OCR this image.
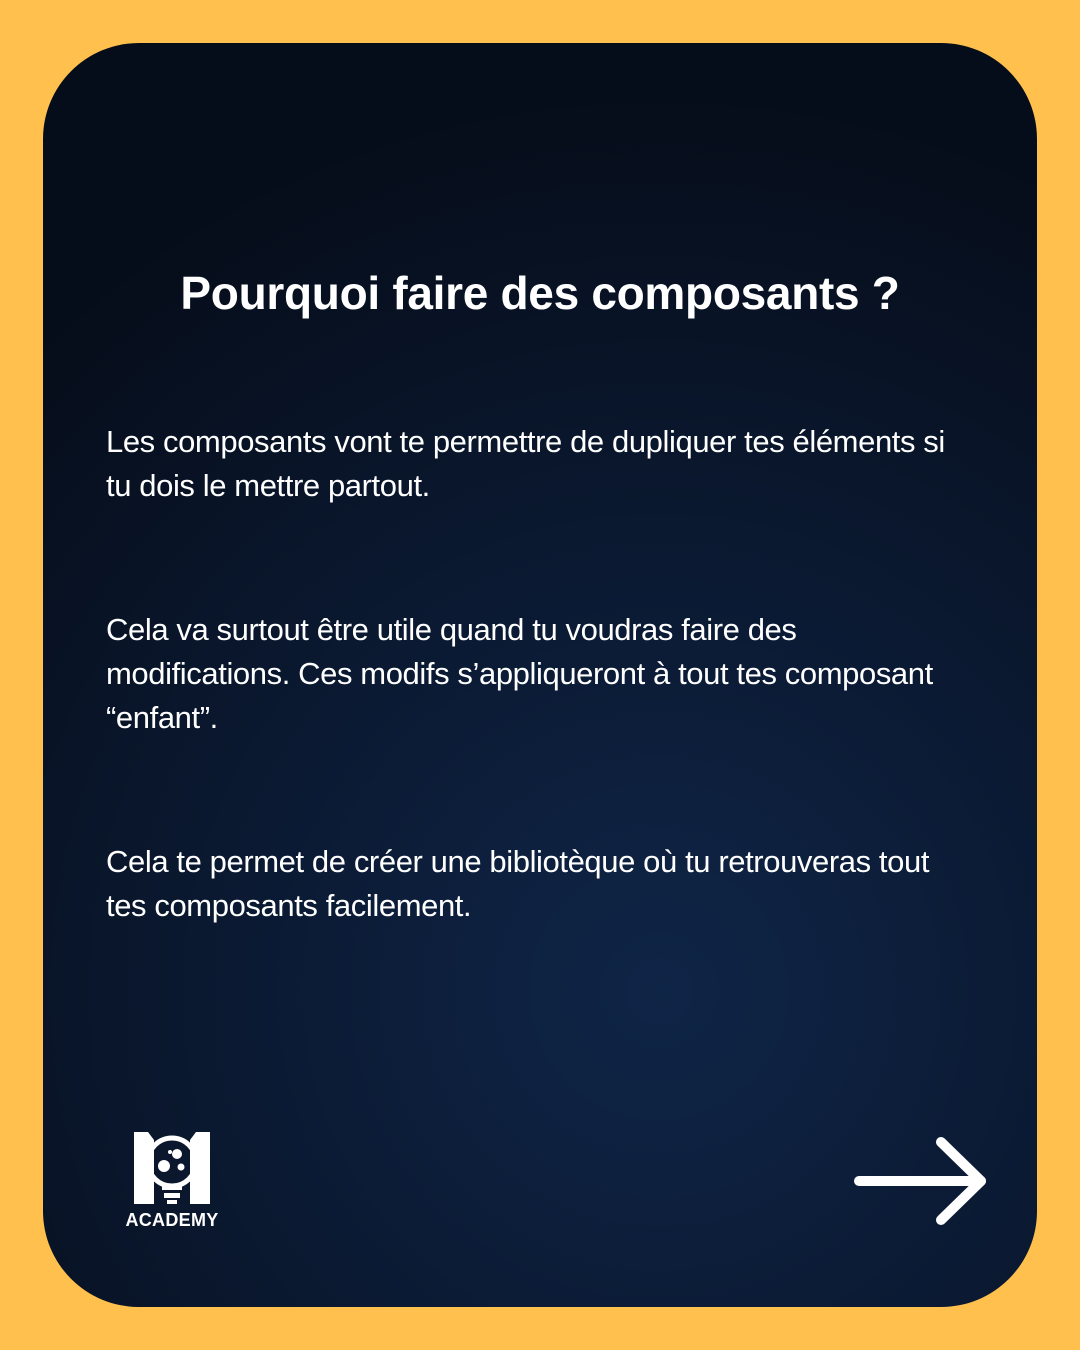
Pourquoi faire des composants ?

Les composants vont te permettre de dupliquer tes éléments si tu dois le mettre partout.

Cela va surtout être utile quand tu voudras faire des modifications. Ces modifs s’appliqueront à tout tes composant “enfant”.

Cela te permet de créer une bibliotèque où tu retrouveras tout tes composants facilement.

ACADEMY
